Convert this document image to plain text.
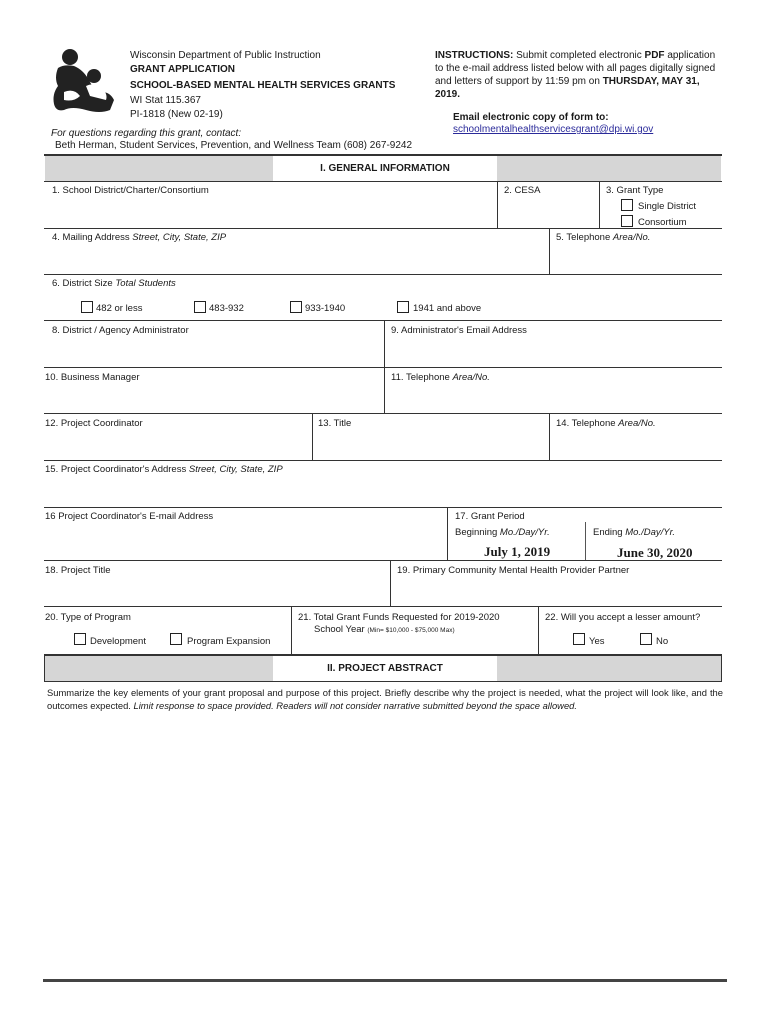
Wisconsin Department of Public Instruction
GRANT APPLICATION
SCHOOL-BASED MENTAL HEALTH SERVICES GRANTS
WI Stat 115.367
PI-1818 (New 02-19)
For questions regarding this grant, contact:
Beth Herman, Student Services, Prevention, and Wellness Team (608) 267-9242
INSTRUCTIONS: Submit completed electronic PDF application
to the e-mail address listed below with all pages digitally signed
and letters of support by 11:59 pm on THURSDAY, MAY 31,
2019.
Email electronic copy of form to:
schoolmentalhealthservicesgrant@dpi.wi.gov
I. GENERAL INFORMATION
1. School District/Charter/Consortium	2. CESA	3. Grant Type
Single District
Consortium
4. Mailing Address Street, City, State, ZIP	5. Telephone Area/No.
6. District Size Total Students
482 or less	483-932	933-1940	1941 and above
8. District / Agency Administrator	9. Administrator's Email Address
10. Business Manager	11. Telephone Area/No.
12. Project Coordinator	13. Title	14. Telephone Area/No.
15. Project Coordinator's Address Street, City, State, ZIP
16 Project Coordinator's E-mail Address	17. Grant Period
Beginning Mo./Day/Yr.	Ending Mo./Day/Yr.
July 1, 2019	June 30, 2020
18. Project Title	19. Primary Community Mental Health Provider Partner
20. Type of Program
Development	Program Expansion
21. Total Grant Funds Requested for 2019-2020
School Year (Min= $10,000 - $75,000 Max)
22. Will you accept a lesser amount?
Yes	No
II. PROJECT ABSTRACT
Summarize the key elements of your grant proposal and purpose of this project. Briefly describe why the project is needed, what the project will look like, and the outcomes expected. Limit response to space provided. Readers will not consider narrative submitted beyond the space allowed.
